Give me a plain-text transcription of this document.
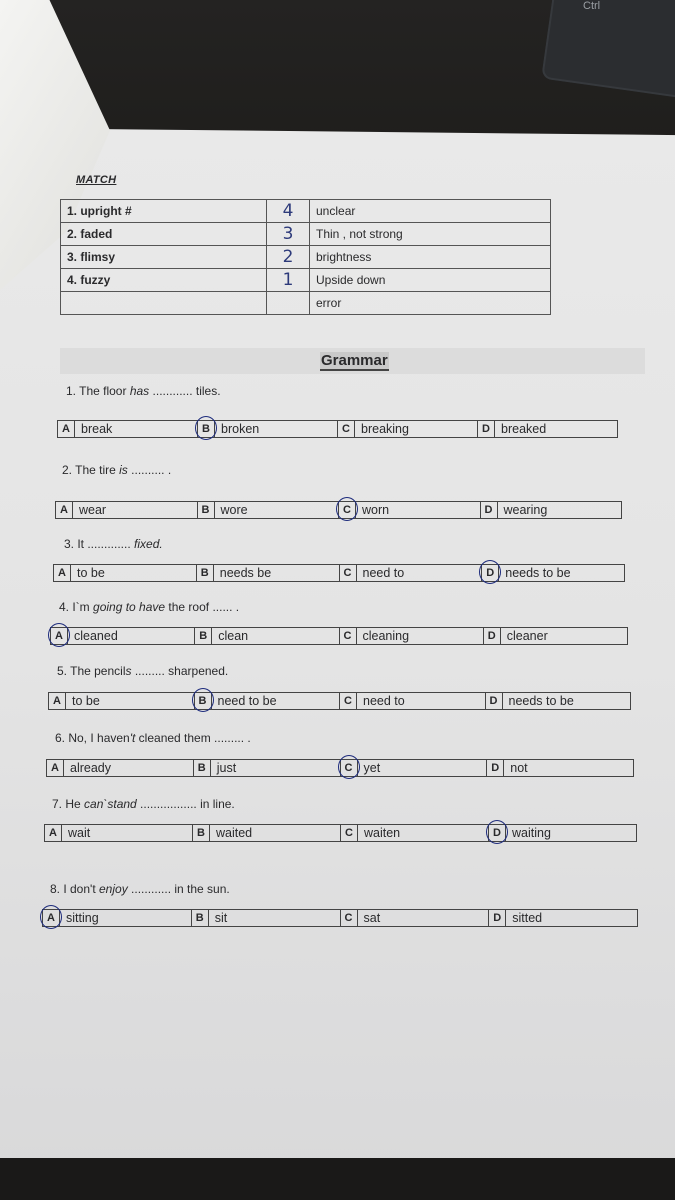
Ctrl
MATCH
1. upright #	4	unclear
2. faded	3	Thin , not strong
3. flimsy	2	brightness
4. fuzzy	1	Upside down
		error
Grammar
1. The floor has ............ tiles.
A break	B broken	C breaking	D breaked
2. The tire is .......... .
A wear	B wore	C worn	D wearing
3. It ............. fixed.
A to be	B needs be	C need to	D needs to be
4. I`m going to have the roof ...... .
A cleaned	B clean	C cleaning	D cleaner
5. The pencils ......... sharpened.
A to be	B need to be	C need to	D needs to be
6. No, I haven't cleaned them ......... .
A already	B just	C yet	D not
7. He can`stand ................. in line.
A wait	B waited	C waiten	D waiting
8. I don't enjoy ............ in the sun.
A sitting	B sit	C sat	D sitted
